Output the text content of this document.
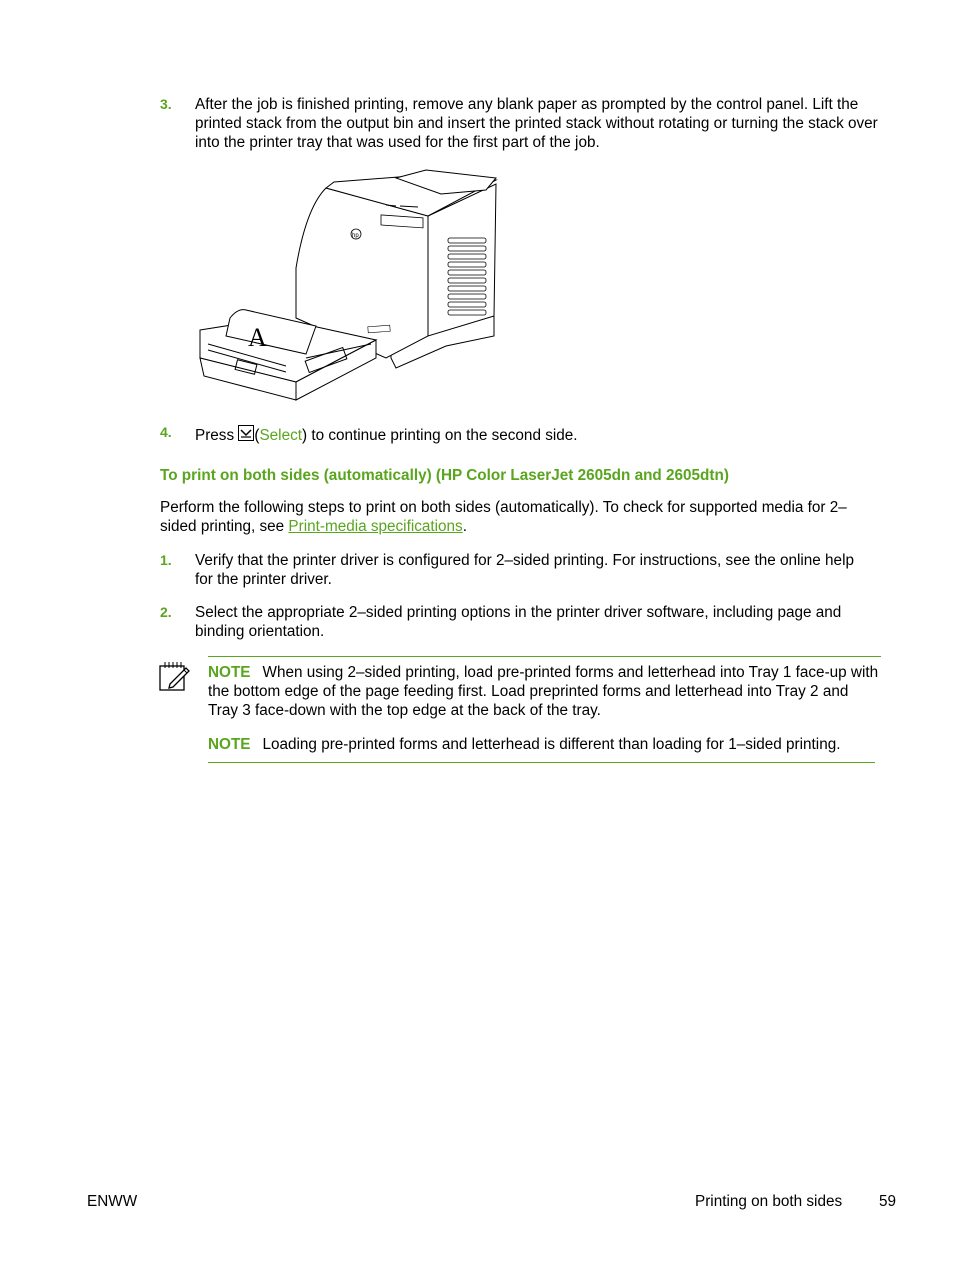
3. After the job is finished printing, remove any blank paper as prompted by the control panel. Lift the printed stack from the output bin and insert the printed stack without rotating or turning the stack over into the printer tray that was used for the first part of the job.
hp
A
4. Press (Select) to continue printing on the second side.
To print on both sides (automatically) (HP Color LaserJet 2605dn and 2605dtn)
Perform the following steps to print on both sides (automatically). To check for supported media for 2–sided printing, see Print-media specifications.
1. Verify that the printer driver is configured for 2–sided printing. For instructions, see the online help for the printer driver.
2. Select the appropriate 2–sided printing options in the printer driver software, including page and binding orientation.
NOTE When using 2–sided printing, load pre-printed forms and letterhead into Tray 1 face-up with the bottom edge of the page feeding first. Load preprinted forms and letterhead into Tray 2 and Tray 3 face-down with the top edge at the back of the tray.
NOTE Loading pre-printed forms and letterhead is different than loading for 1–sided printing.
ENWW	Printing on both sides 59
